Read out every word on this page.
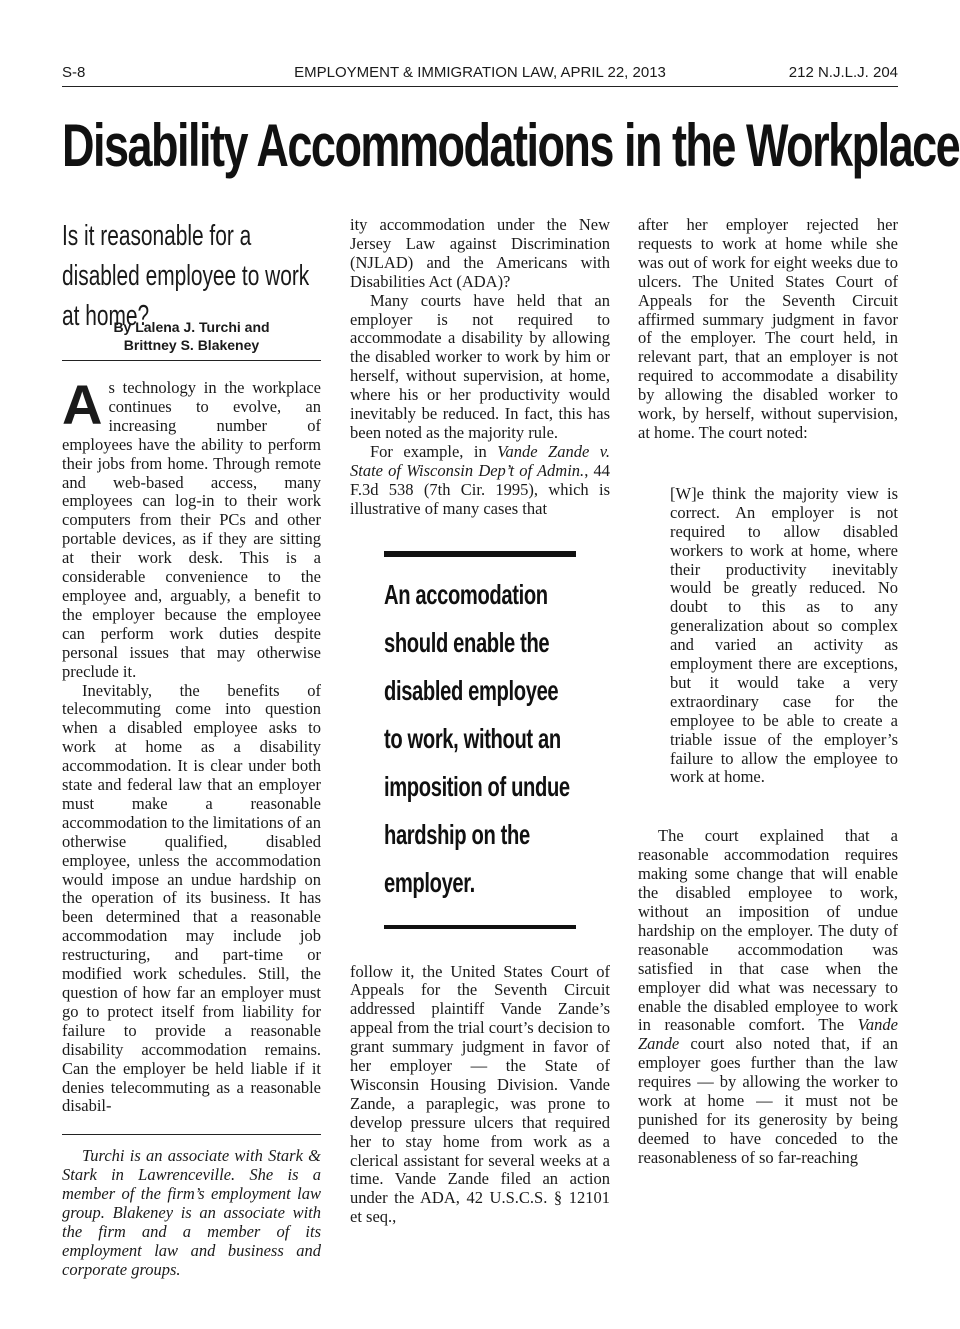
S-8	EMPLOYMENT & IMMIGRATION LAW, APRIL 22, 2013	212 N.J.L.J. 204
Disability Accommodations in the Workplace
Is it reasonable for a disabled employee to work at home?
By Lalena J. Turchi and
Brittney S. Blakeney

As technology in the workplace continues to evolve, an increasing number of employees have the ability to perform their jobs from home. Through remote and web-based access, many employees can log-in to their work computers from their PCs and other portable devices, as if they are sitting at their work desk. This is a considerable convenience to the employee and, arguably, a benefit to the employer because the employee can perform work duties despite personal issues that may otherwise preclude it.

Inevitably, the benefits of telecommuting come into question when a disabled employee asks to work at home as a disability accommodation. It is clear under both state and federal law that an employer must make a reasonable accommodation to the limitations of an otherwise qualified, disabled employee, unless the accommodation would impose an undue hardship on the operation of its business. It has been determined that a reasonable accommodation may include job restructuring, and part-time or modified work schedules. Still, the question of how far an employer must go to protect itself from liability for failure to provide a reasonable disability accommodation remains. Can the employer be held liable if it denies telecommuting as a reasonable disabil-

Turchi is an associate with Stark & Stark in Lawrenceville. She is a member of the firm’s employment law group. Blakeney is an associate with the firm and a member of its employment law and business and corporate groups.

ity accommodation under the New Jersey Law against Discrimination (NJLAD) and the Americans with Disabilities Act (ADA)?

Many courts have held that an employer is not required to accommodate a disability by allowing the disabled worker to work by him or herself, without supervision, at home, where his or her productivity would inevitably be reduced. In fact, this has been noted as the majority rule.

For example, in Vande Zande v. State of Wisconsin Dep’t of Admin., 44 F.3d 538 (7th Cir. 1995), which is illustrative of many cases that

An accomodation should enable the disabled employee to work, without an imposition of undue hardship on the employer.

follow it, the United States Court of Appeals for the Seventh Circuit addressed plaintiff Vande Zande’s appeal from the trial court’s decision to grant summary judgment in favor of her employer — the State of Wisconsin Housing Division. Vande Zande, a paraplegic, was prone to develop pressure ulcers that required her to stay home from work as a clerical assistant for several weeks at a time. Vande Zande filed an action under the ADA, 42 U.S.C.S. § 12101 et seq.,

after her employer rejected her requests to work at home while she was out of work for eight weeks due to ulcers. The United States Court of Appeals for the Seventh Circuit affirmed summary judgment in favor of the employer. The court held, in relevant part, that an employer is not required to accommodate a disability by allowing the disabled worker to work, by herself, without supervision, at home. The court noted:

[W]e think the majority view is correct. An employer is not required to allow disabled workers to work at home, where their productivity inevitably would be greatly reduced. No doubt to this as to any generalization about so complex and varied an activity as employment there are exceptions, but it would take a very extraordinary case for the employee to be able to create a triable issue of the employer’s failure to allow the employee to work at home.

The court explained that a reasonable accommodation requires making some change that will enable the disabled employee to work, without an imposition of undue hardship on the employer. The duty of reasonable accommodation was satisfied in that case when the employer did what was necessary to enable the disabled employee to work in reasonable comfort. The Vande Zande court also noted that, if an employer goes further than the law requires — by allowing the worker to work at home — it must not be punished for its generosity by being deemed to have conceded to the reasonableness of so far-reaching
